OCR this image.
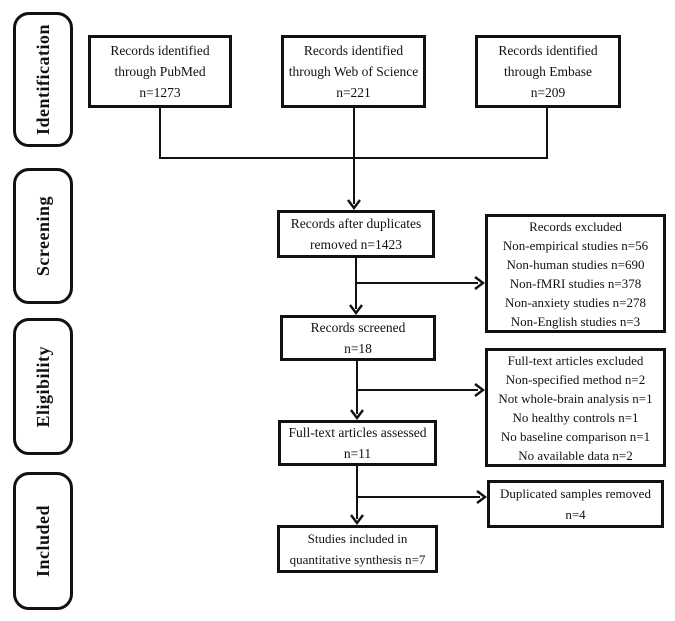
Identification
Screening
Eligibility
Included
Records identified
through PubMed
n=1273
Records identified
through Web of Science
n=221
Records identified
through Embase
n=209
Records after duplicates
removed n=1423
Records excluded
Non-empirical studies n=56
Non-human studies n=690
Non-fMRI studies n=378
Non-anxiety studies n=278
Non-English studies n=3
Records screened
n=18
Full-text articles excluded
Non-specified method n=2
Not whole-brain analysis n=1
No healthy controls n=1
No baseline comparison n=1
No available data n=2
Full-text articles assessed
n=11
Duplicated samples removed
n=4
Studies included in
quantitative synthesis n=7
